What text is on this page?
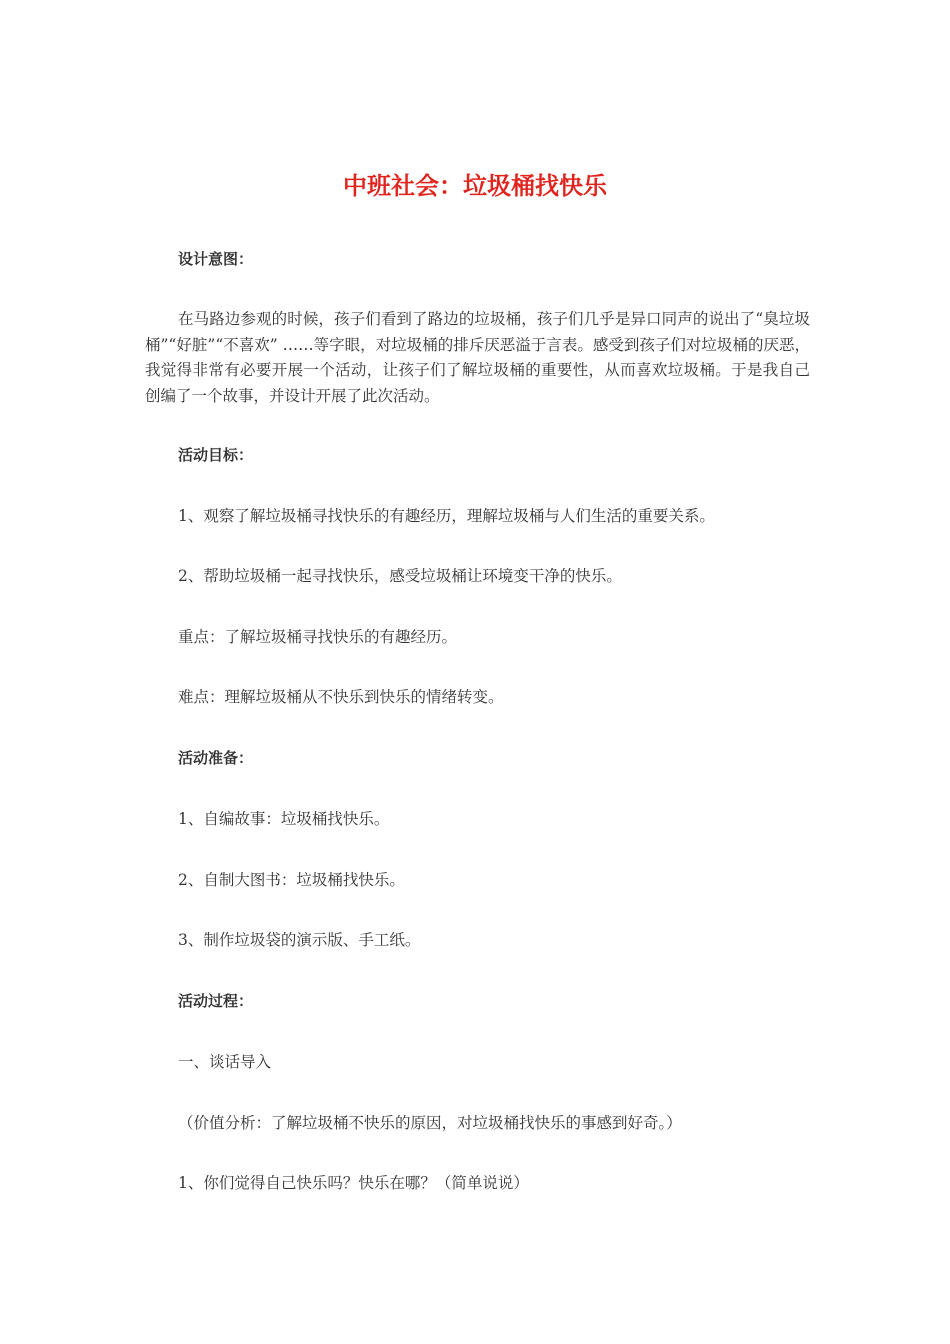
中班社会：垃圾桶找快乐
设计意图：

在马路边参观的时候，孩子们看到了路边的垃圾桶，孩子们几乎是异口同声的说出了“臭垃圾桶”“好脏”“不喜欢” ……等字眼，对垃圾桶的排斥厌恶溢于言表。感受到孩子们对垃圾桶的厌恶，我觉得非常有必要开展一个活动，让孩子们了解垃圾桶的重要性，从而喜欢垃圾桶。于是我自己创编了一个故事，并设计开展了此次活动。

活动目标：
1、观察了解垃圾桶寻找快乐的有趣经历，理解垃圾桶与人们生活的重要关系。
2、帮助垃圾桶一起寻找快乐，感受垃圾桶让环境变干净的快乐。
重点：了解垃圾桶寻找快乐的有趣经历。
难点：理解垃圾桶从不快乐到快乐的情绪转变。
活动准备：
1、自编故事：垃圾桶找快乐。
2、自制大图书：垃圾桶找快乐。
3、制作垃圾袋的演示版、手工纸。
活动过程：
一、谈话导入
（价值分析：了解垃圾桶不快乐的原因，对垃圾桶找快乐的事感到好奇。）
1、你们觉得自己快乐吗？快乐在哪？（简单说说）
